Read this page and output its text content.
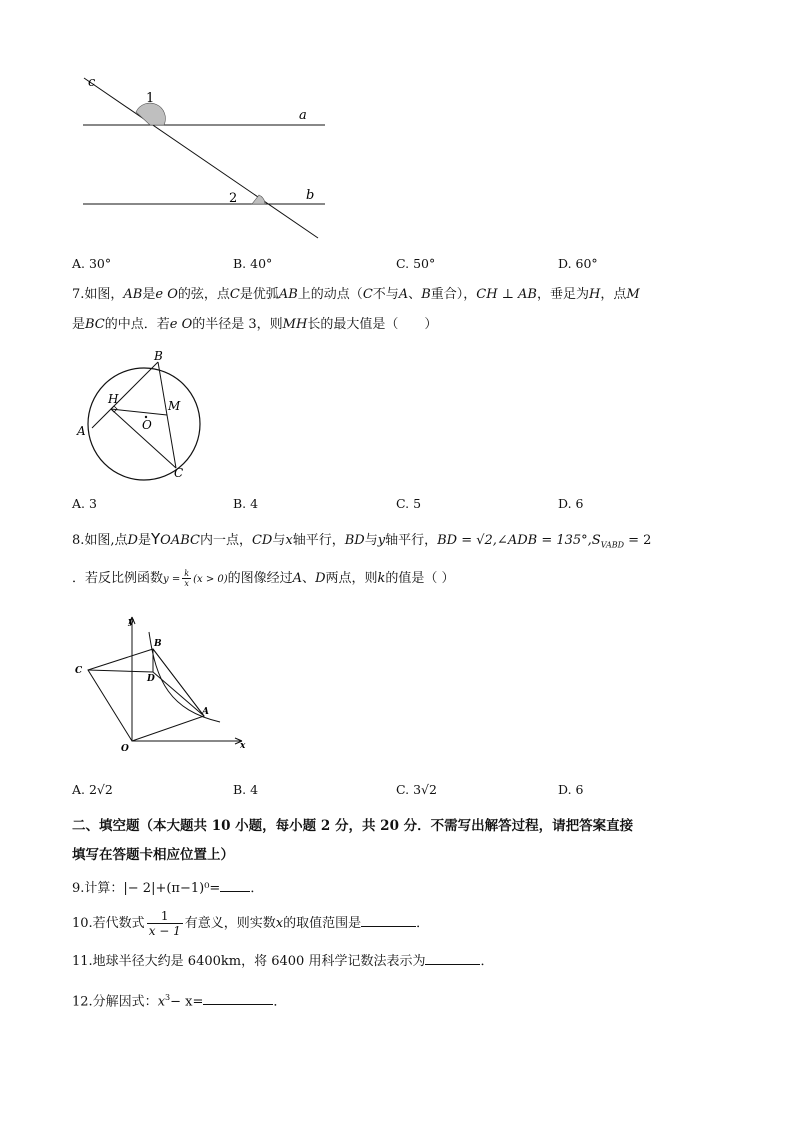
c
1
a
2	b
A. 30°	B. 40°	C. 50°	D. 60°
7.如图，AB是e O的弦，点C是优弧AB上的动点（C不与A、B重合），CH ⊥ AB，垂足为H，点M
是BC的中点．若e O的半径是 3，则MH长的最大值是（　　）
B
H	M
O
A
C
A. 3	B. 4	C. 5	D. 6
8.如图,点D是YOABC内一点，CD与x轴平行，BD与y轴平行，BD = √2,∠ADB = $135^\circ,S_{VABD} = 2$
．若反比例函数$y = \frac{k}{x} (x > 0)$的图像经过A、D两点，则k的值是（ ）
y
B
C
D
A
O	x
A. 2√2	B. 4	C. 3√2	D. 6
二、填空题（本大题共 10 小题，每小题 2 分，共 20 分．不需写出解答过程，请把答案直接
填写在答题卡相应位置上）
9.计算：|− 2|+(π−1)⁰= ．
10.若代数式 $\frac{1}{x - 1}$ 有意义，则实数x的取值范围是	．
11.地球半径大约是 6400km，将 6400 用科学记数法表示为	．
12.分解因式：$x^3- x=$	．
